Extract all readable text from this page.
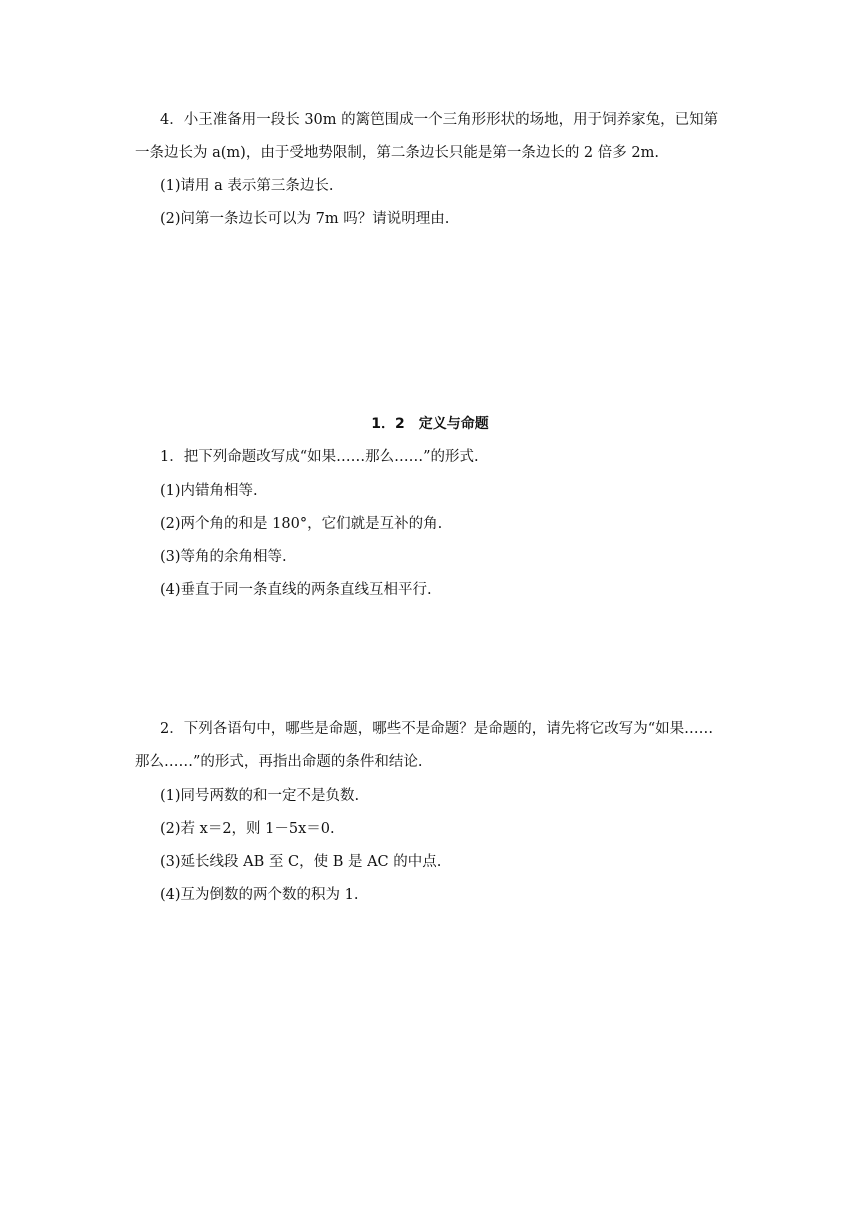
4．小王准备用一段长 30m 的篱笆围成一个三角形形状的场地，用于饲养家兔，已知第
一条边长为 a(m)，由于受地势限制，第二条边长只能是第一条边长的 2 倍多 2m.
(1)请用 a 表示第三条边长.
(2)问第一条边长可以为 7m 吗？请说明理由.
1．2　定义与命题
1．把下列命题改写成“如果……那么……”的形式.
(1)内错角相等.
(2)两个角的和是 180°，它们就是互补的角.
(3)等角的余角相等.
(4)垂直于同一条直线的两条直线互相平行.
2．下列各语句中，哪些是命题，哪些不是命题？是命题的，请先将它改写为“如果……
那么……”的形式，再指出命题的条件和结论.
(1)同号两数的和一定不是负数.
(2)若 x＝2，则 1－5x＝0.
(3)延长线段 AB 至 C，使 B 是 AC 的中点.
(4)互为倒数的两个数的积为 1.
